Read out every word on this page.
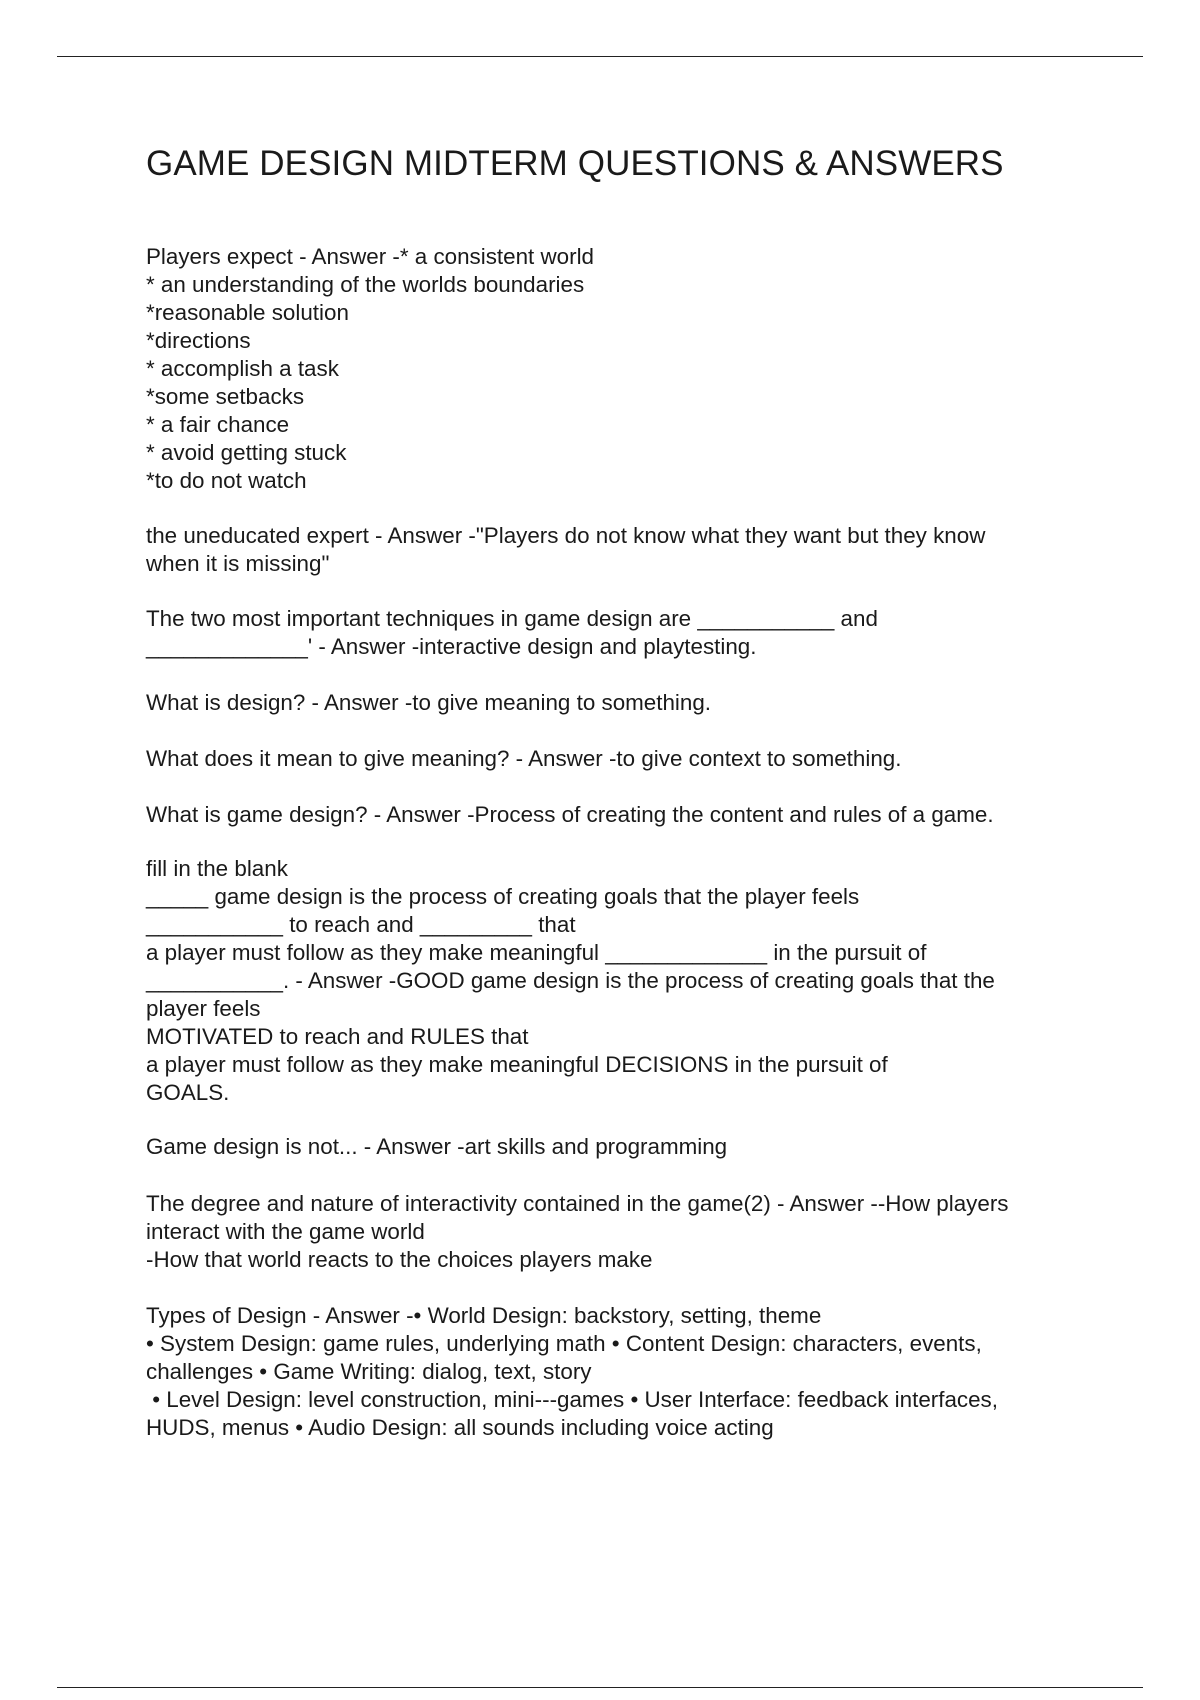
GAME DESIGN MIDTERM QUESTIONS & ANSWERS
Players expect - Answer -* a consistent world
* an understanding of the worlds boundaries
*reasonable solution
*directions
* accomplish a task
*some setbacks
* a fair chance
* avoid getting stuck
*to do not watch
the uneducated expert - Answer -"Players do not know what they want but they know
when it is missing"
The two most important techniques in game design are ___________ and
_____________' - Answer -interactive design and playtesting.
What is design? - Answer -to give meaning to something.
What does it mean to give meaning? - Answer -to give context to something.
What is game design? - Answer -Process of creating the content and rules of a game.
fill in the blank
_____ game design is the process of creating goals that the player feels
___________ to reach and _________ that
a player must follow as they make meaningful _____________ in the pursuit of
___________. - Answer -GOOD game design is the process of creating goals that the
player feels
MOTIVATED to reach and RULES that
a player must follow as they make meaningful DECISIONS in the pursuit of
GOALS.
Game design is not... - Answer -art skills and programming
The degree and nature of interactivity contained in the game(2) - Answer --How players
interact with the game world
-How that world reacts to the choices players make
Types of Design - Answer -• World Design: backstory, setting, theme
• System Design: game rules, underlying math • Content Design: characters, events,
challenges • Game Writing: dialog, text, story
• Level Design: level construction, mini---games • User Interface: feedback interfaces,
HUDS, menus • Audio Design: all sounds including voice acting
